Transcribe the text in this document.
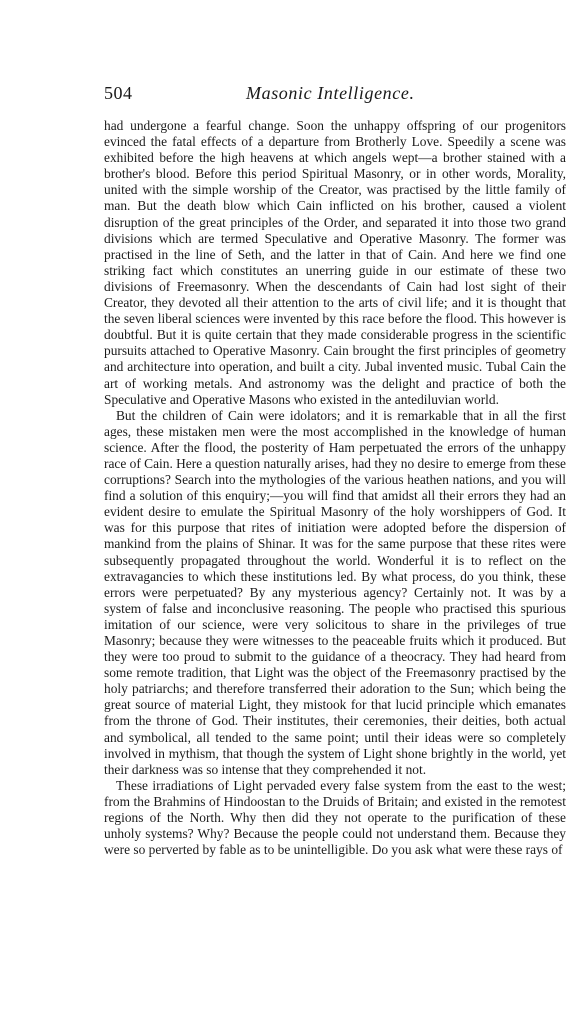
504	Masonic Intelligence.

had undergone a fearful change. Soon the unhappy offspring of our progenitors evinced the fatal effects of a departure from Brotherly Love. Speedily a scene was exhibited before the high heavens at which angels wept—a brother stained with a brother's blood. Before this period Spiritual Masonry, or in other words, Morality, united with the simple worship of the Creator, was practised by the little family of man. But the death blow which Cain inflicted on his brother, caused a violent disruption of the great principles of the Order, and separated it into those two grand divisions which are termed Speculative and Operative Masonry. The former was practised in the line of Seth, and the latter in that of Cain. And here we find one striking fact which constitutes an unerring guide in our estimate of these two divisions of Freemasonry. When the descendants of Cain had lost sight of their Creator, they devoted all their attention to the arts of civil life; and it is thought that the seven liberal sciences were invented by this race before the flood. This however is doubtful. But it is quite certain that they made considerable progress in the scientific pursuits attached to Operative Masonry. Cain brought the first principles of geometry and architecture into operation, and built a city. Jubal invented music. Tubal Cain the art of working metals. And astronomy was the delight and practice of both the Speculative and Operative Masons who existed in the antediluvian world.

But the children of Cain were idolators; and it is remarkable that in all the first ages, these mistaken men were the most accomplished in the knowledge of human science. After the flood, the posterity of Ham perpetuated the errors of the unhappy race of Cain. Here a question naturally arises, had they no desire to emerge from these corruptions? Search into the mythologies of the various heathen nations, and you will find a solution of this enquiry;—you will find that amidst all their errors they had an evident desire to emulate the Spiritual Masonry of the holy worshippers of God. It was for this purpose that rites of initiation were adopted before the dispersion of mankind from the plains of Shinar. It was for the same purpose that these rites were subsequently propagated throughout the world. Wonderful it is to reflect on the extravagancies to which these institutions led. By what process, do you think, these errors were perpetuated? By any mysterious agency? Certainly not. It was by a system of false and inconclusive reasoning. The people who practised this spurious imitation of our science, were very solicitous to share in the privileges of true Masonry; because they were witnesses to the peaceable fruits which it produced. But they were too proud to submit to the guidance of a theocracy. They had heard from some remote tradition, that Light was the object of the Freemasonry practised by the holy patriarchs; and therefore transferred their adoration to the Sun; which being the great source of material Light, they mistook for that lucid principle which emanates from the throne of God. Their institutes, their ceremonies, their deities, both actual and symbolical, all tended to the same point; until their ideas were so completely involved in mythism, that though the system of Light shone brightly in the world, yet their darkness was so intense that they comprehended it not.

These irradiations of Light pervaded every false system from the east to the west; from the Brahmins of Hindoostan to the Druids of Britain; and existed in the remotest regions of the North. Why then did they not operate to the purification of these unholy systems? Why? Because the people could not understand them. Because they were so perverted by fable as to be unintelligible. Do you ask what were these rays of
